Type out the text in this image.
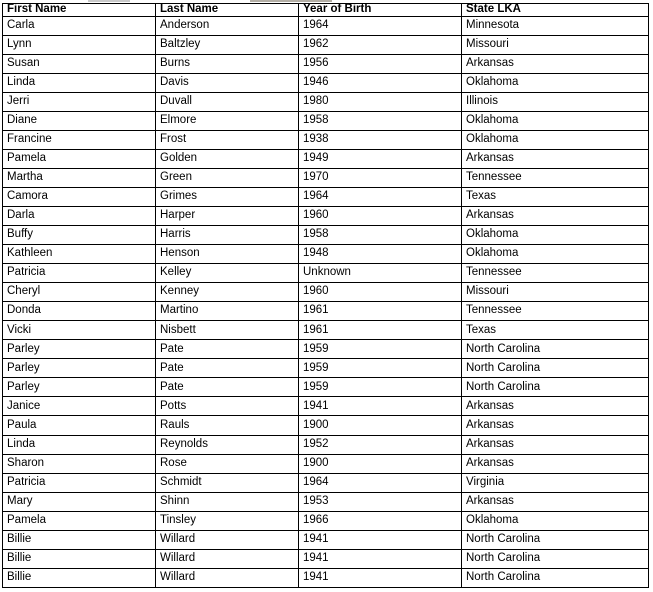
First Name	Last Name	Year of Birth	State LKA
Carla	Anderson	1964	Minnesota
Lynn	Baltzley	1962	Missouri
Susan	Burns	1956	Arkansas
Linda	Davis	1946	Oklahoma
Jerri	Duvall	1980	Illinois
Diane	Elmore	1958	Oklahoma
Francine	Frost	1938	Oklahoma
Pamela	Golden	1949	Arkansas
Martha	Green	1970	Tennessee
Camora	Grimes	1964	Texas
Darla	Harper	1960	Arkansas
Buffy	Harris	1958	Oklahoma
Kathleen	Henson	1948	Oklahoma
Patricia	Kelley	Unknown	Tennessee
Cheryl	Kenney	1960	Missouri
Donda	Martino	1961	Tennessee
Vicki	Nisbett	1961	Texas
Parley	Pate	1959	North Carolina
Parley	Pate	1959	North Carolina
Parley	Pate	1959	North Carolina
Janice	Potts	1941	Arkansas
Paula	Rauls	1900	Arkansas
Linda	Reynolds	1952	Arkansas
Sharon	Rose	1900	Arkansas
Patricia	Schmidt	1964	Virginia
Mary	Shinn	1953	Arkansas
Pamela	Tinsley	1966	Oklahoma
Billie	Willard	1941	North Carolina
Billie	Willard	1941	North Carolina
Billie	Willard	1941	North Carolina
